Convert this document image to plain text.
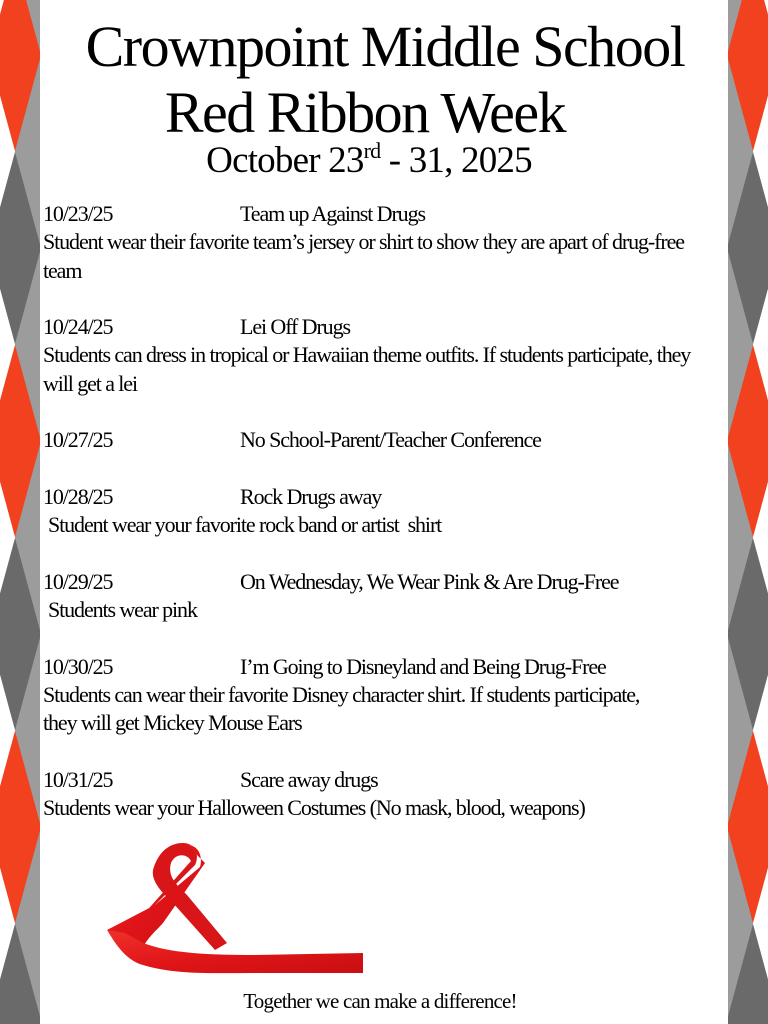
Crownpoint Middle School
Red Ribbon Week
October 23rd - 31, 2025
10/23/25	Team up Against Drugs
Student wear their favorite team’s jersey or shirt to show they are apart of drug-free team
10/24/25	Lei Off Drugs
Students can dress in tropical or Hawaiian theme outfits. If students participate, they will get a lei
10/27/25	No School-Parent/Teacher Conference
10/28/25	Rock Drugs away
Student wear your favorite rock band or artist  shirt
10/29/25	On Wednesday, We Wear Pink & Are Drug-Free
Students wear pink
10/30/25	I’m Going to Disneyland and Being Drug-Free
Students can wear their favorite Disney character shirt. If students participate, they will get Mickey Mouse Ears
10/31/25	Scare away drugs
Students wear your Halloween Costumes (No mask, blood, weapons)
Together we can make a difference!
